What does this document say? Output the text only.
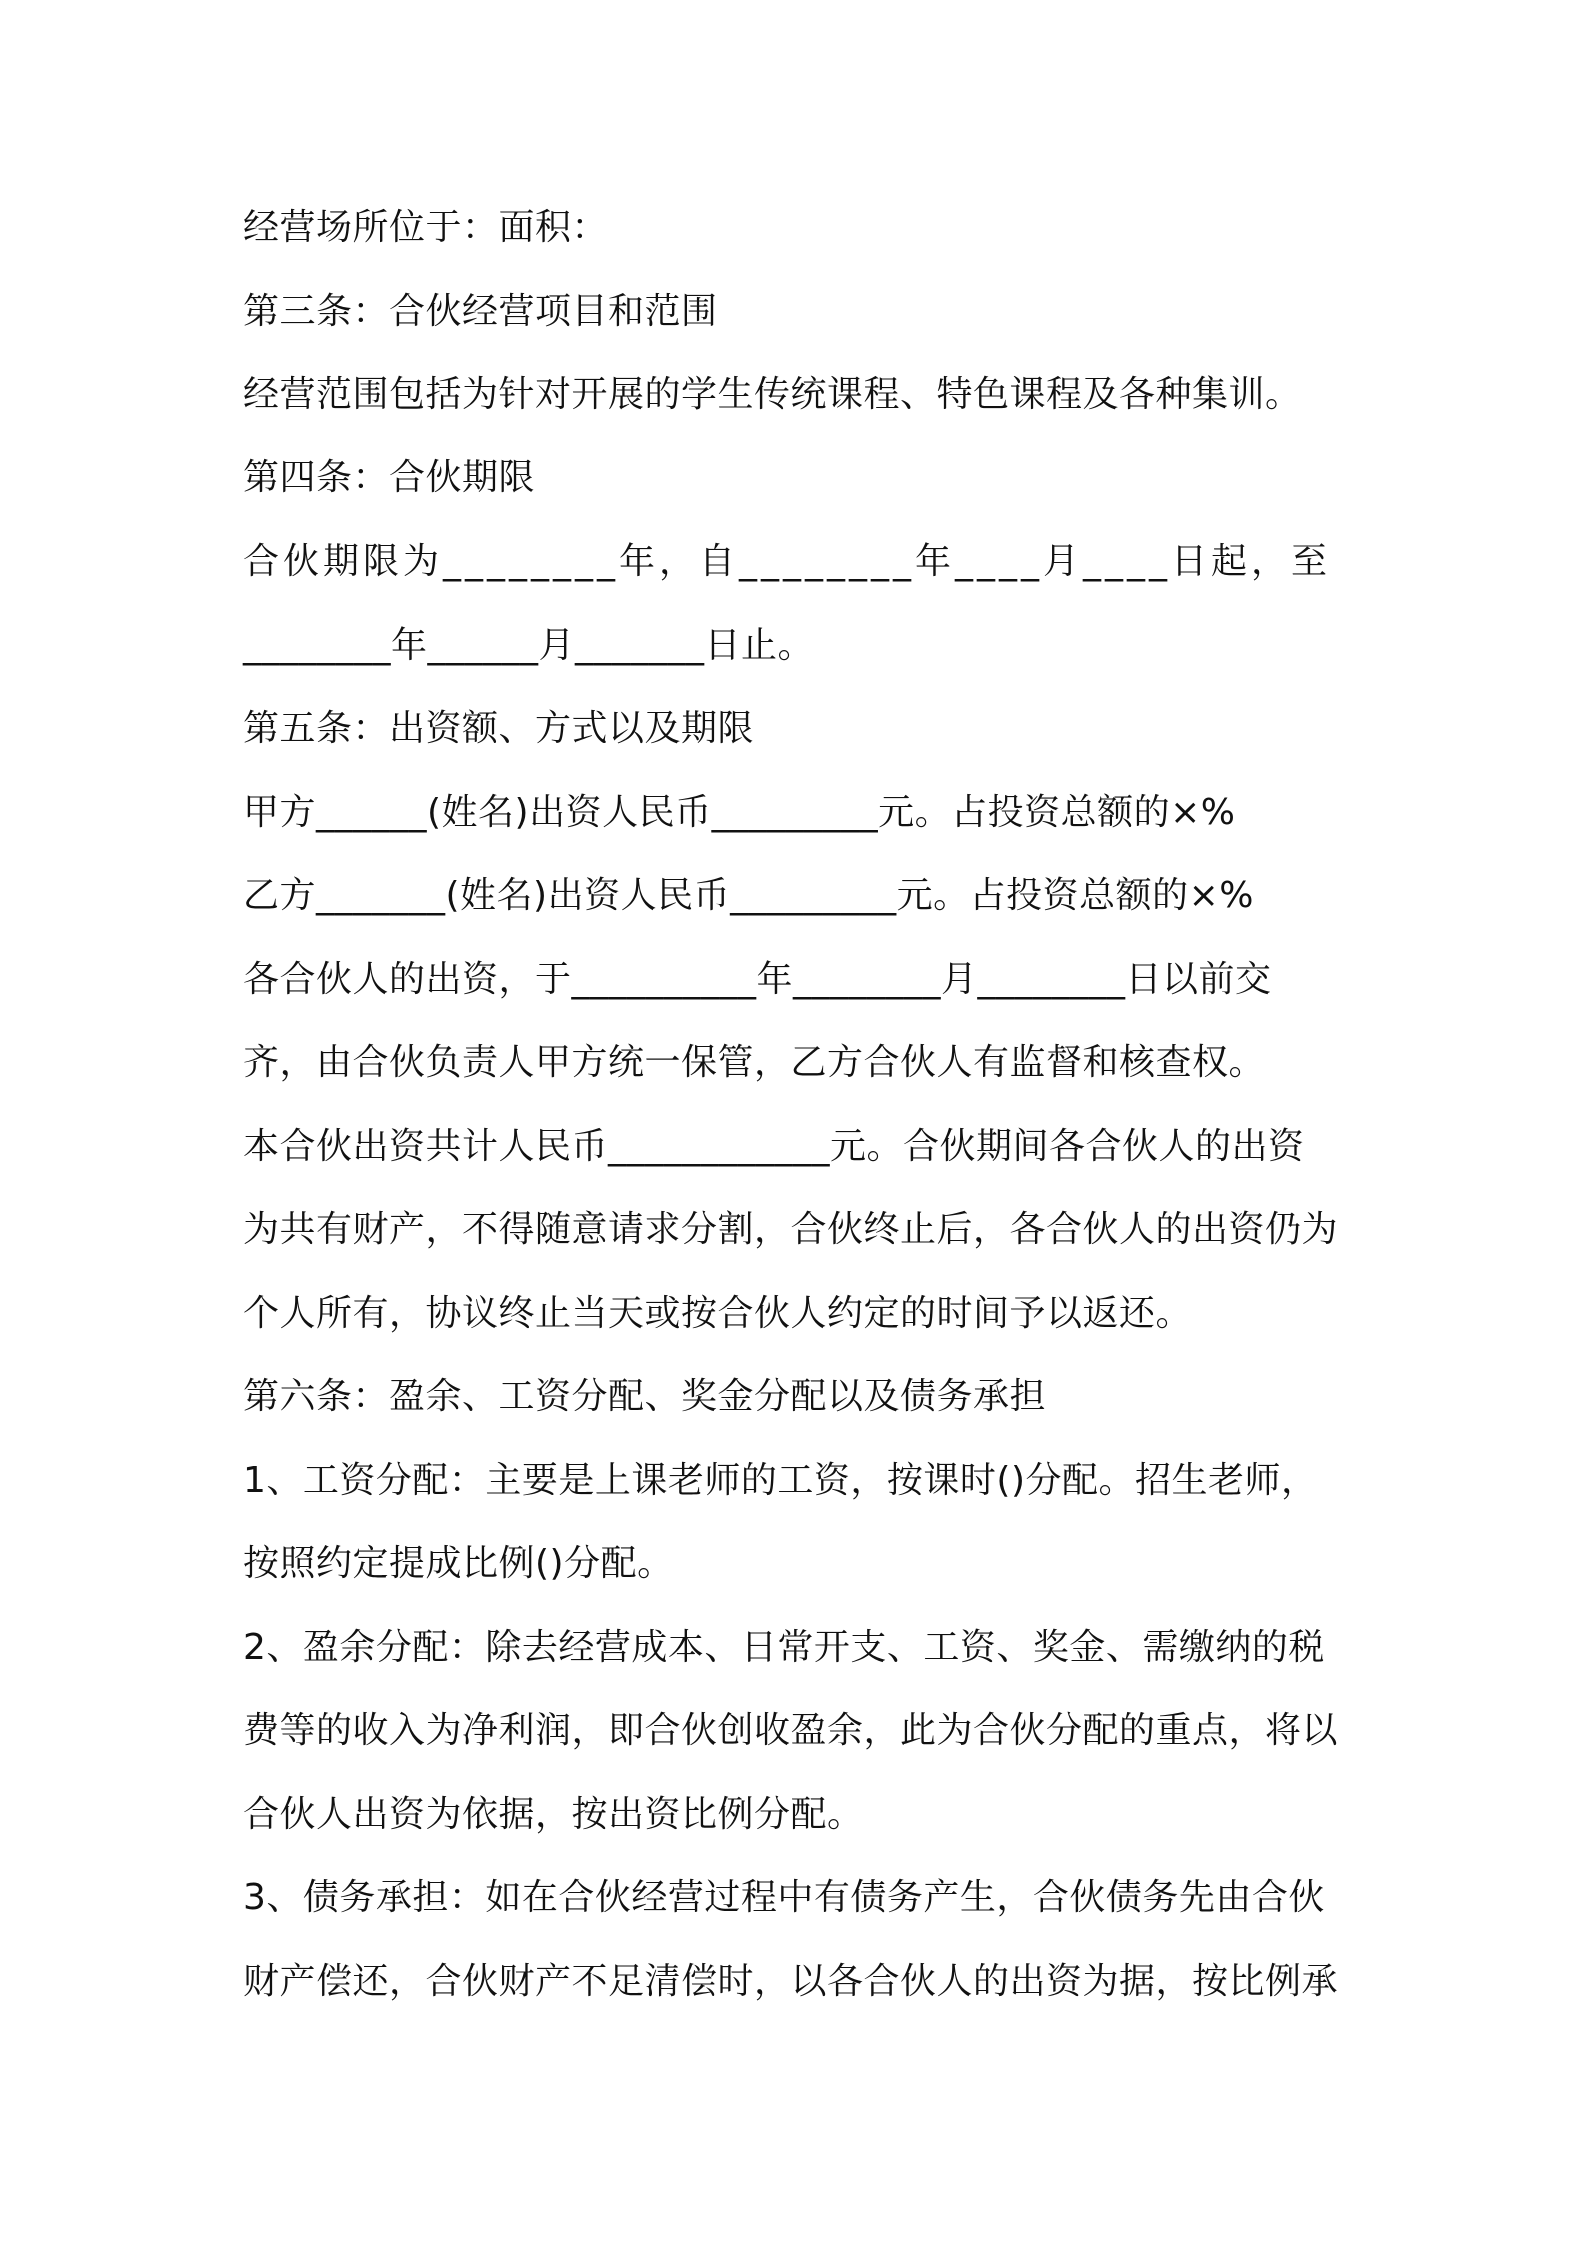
经营场所位于：面积：
第三条：合伙经营项目和范围
经营范围包括为针对开展的学生传统课程、特色课程及各种集训。
第四条：合伙期限
合伙期限为________年，自________年____月____日起，至
________年______月_______日止。
第五条：出资额、方式以及期限
甲方______(姓名)出资人民币_________元。占投资总额的×%
乙方_______(姓名)出资人民币_________元。占投资总额的×%
各合伙人的出资，于__________年________月________日以前交
齐，由合伙负责人甲方统一保管，乙方合伙人有监督和核查权。
本合伙出资共计人民币____________元。合伙期间各合伙人的出资
为共有财产，不得随意请求分割，合伙终止后，各合伙人的出资仍为
个人所有，协议终止当天或按合伙人约定的时间予以返还。
第六条：盈余、工资分配、奖金分配以及债务承担
1、工资分配：主要是上课老师的工资，按课时()分配。招生老师，
按照约定提成比例()分配。
2、盈余分配：除去经营成本、日常开支、工资、奖金、需缴纳的税
费等的收入为净利润，即合伙创收盈余，此为合伙分配的重点，将以
合伙人出资为依据，按出资比例分配。
3、债务承担：如在合伙经营过程中有债务产生，合伙债务先由合伙
财产偿还，合伙财产不足清偿时，以各合伙人的出资为据，按比例承
